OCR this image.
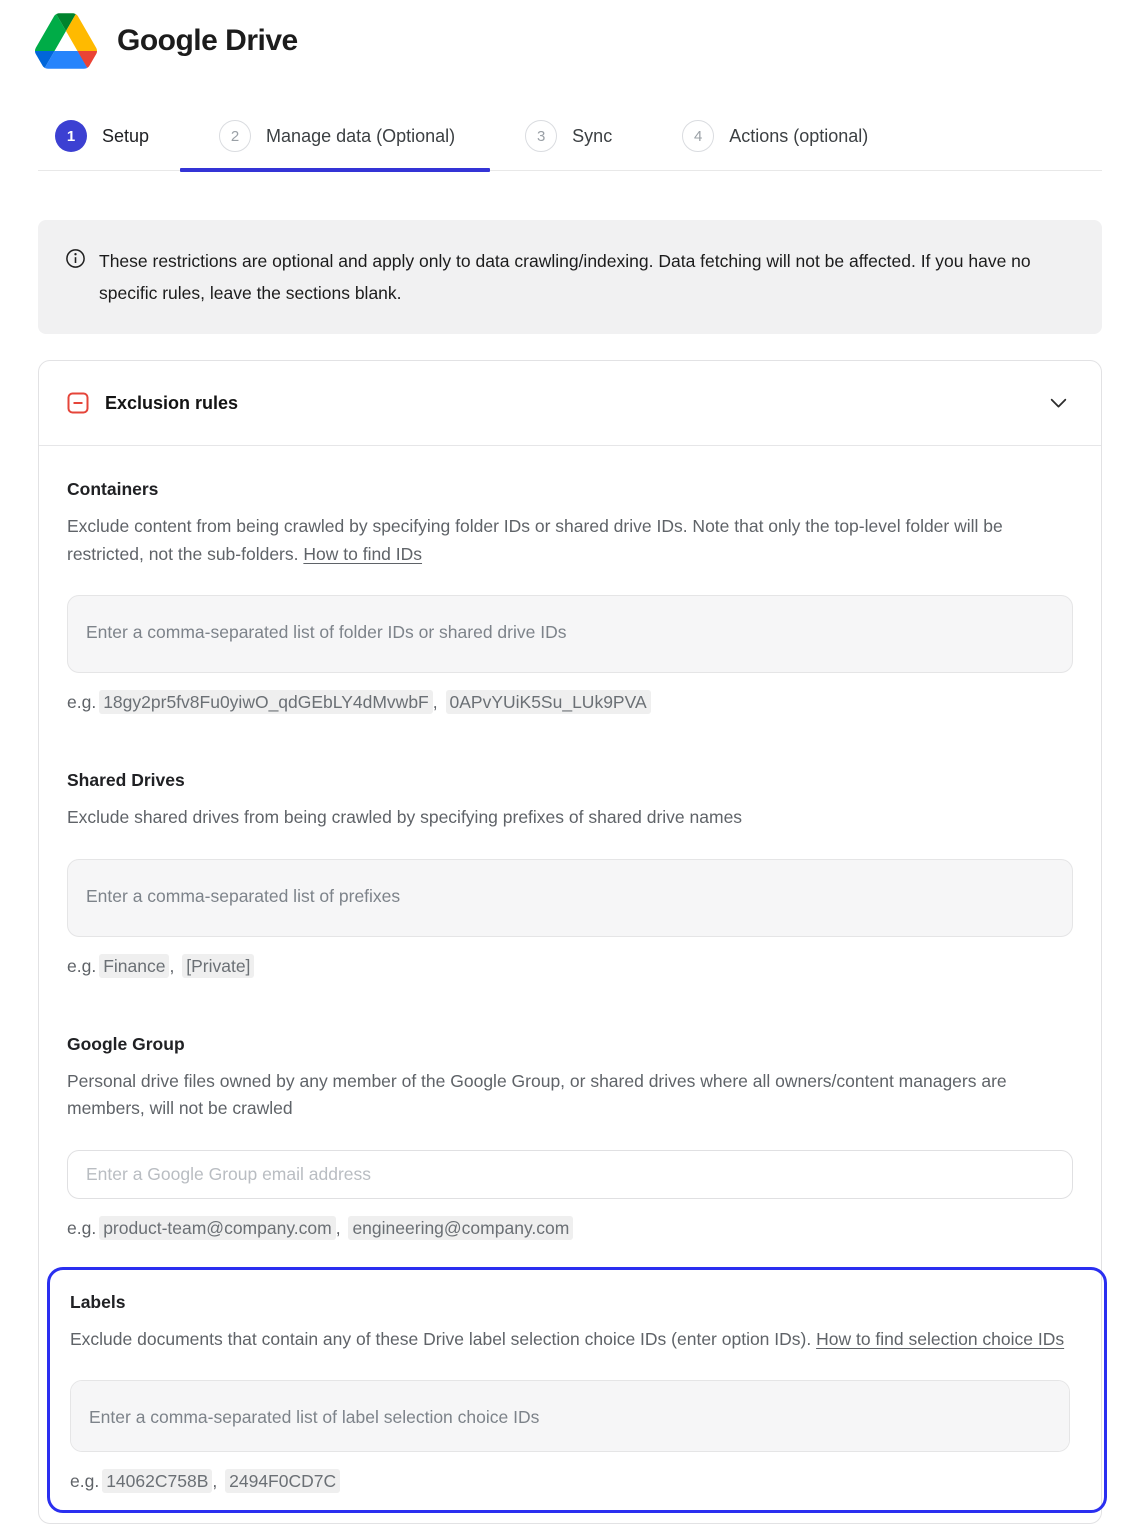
Google Drive
1	Setup	2	Manage data (Optional)	3	Sync	4	Actions (optional)
These restrictions are optional and apply only to data crawling/indexing. Data fetching will not be affected. If you have no specific rules, leave the sections blank.
Exclusion rules
Containers
Exclude content from being crawled by specifying folder IDs or shared drive IDs. Note that only the top-level folder will be restricted, not the sub-folders. How to find IDs
Enter a comma-separated list of folder IDs or shared drive IDs
e.g. 18gy2pr5fv8Fu0yiwO_qdGEbLY4dMvwbF , 0APvYUiK5Su_LUk9PVA
Shared Drives
Exclude shared drives from being crawled by specifying prefixes of shared drive names
Enter a comma-separated list of prefixes
e.g. Finance , [Private]
Google Group
Personal drive files owned by any member of the Google Group, or shared drives where all owners/content managers are members, will not be crawled
Enter a Google Group email address
e.g. product-team@company.com , engineering@company.com
Labels
Exclude documents that contain any of these Drive label selection choice IDs (enter option IDs). How to find selection choice IDs
Enter a comma-separated list of label selection choice IDs
e.g. 14062C758B , 2494F0CD7C
